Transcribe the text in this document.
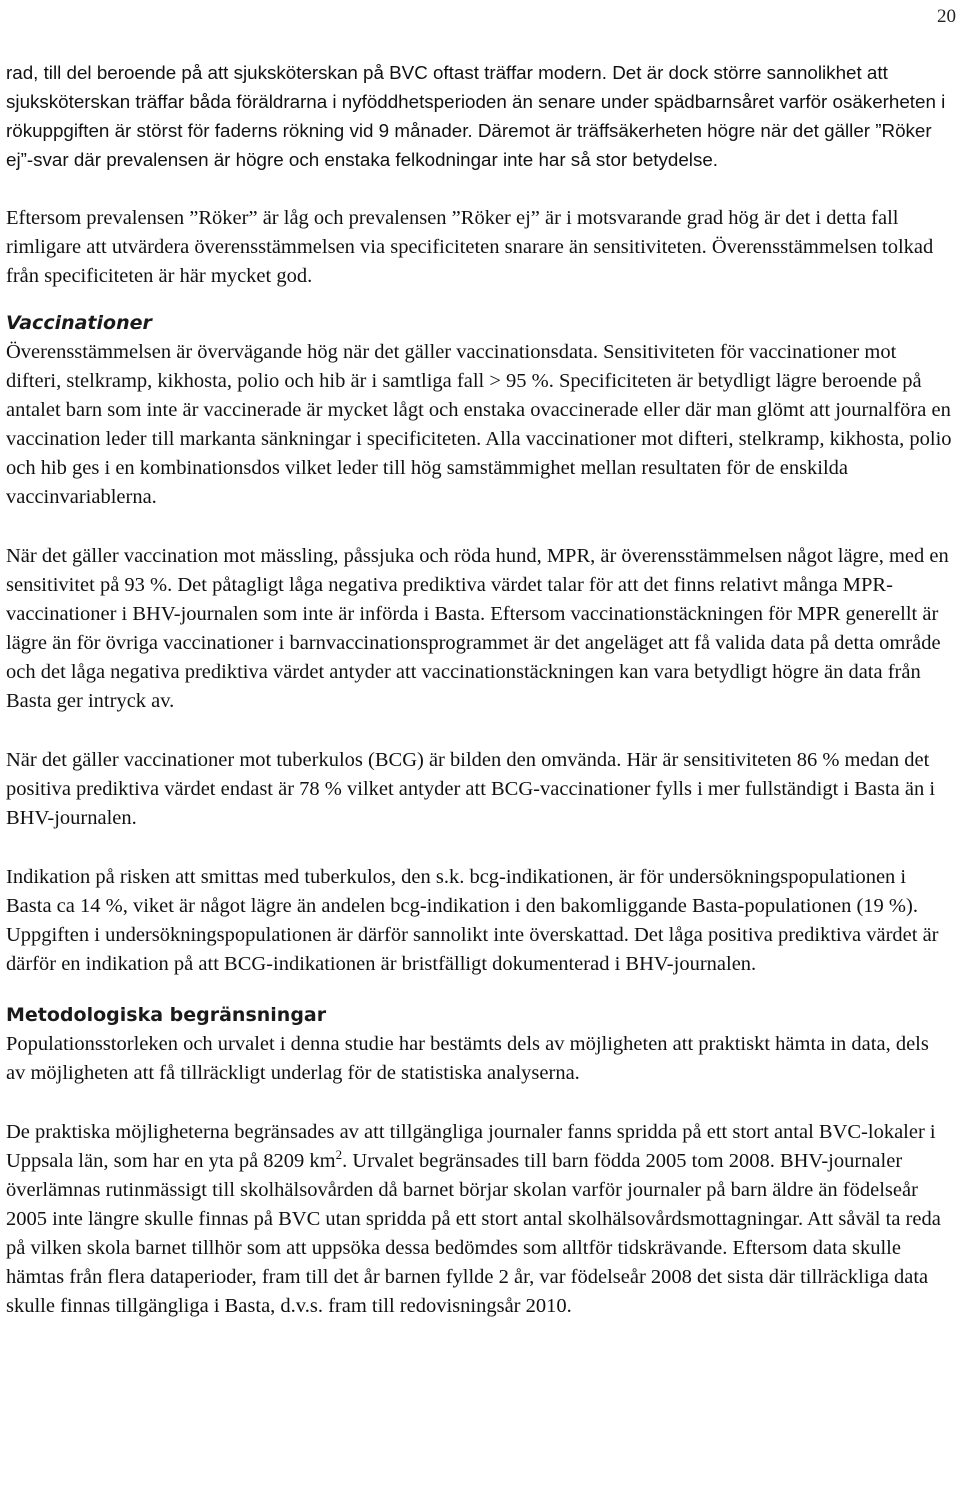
20

rad, till del beroende på att sjuksköterskan på BVC oftast träffar modern. Det är dock större sannolikhet att sjuksköterskan träffar båda föräldrarna i nyföddhetsperioden än senare under spädbarnsåret varför osäkerheten i rökuppgiften är störst för faderns rökning vid 9 månader. Däremot är träffsäkerheten högre när det gäller ”Röker ej”-svar där prevalensen är högre och enstaka felkodningar inte har så stor betydelse.

Eftersom prevalensen ”Röker” är låg och prevalensen ”Röker ej” är i motsvarande grad hög är det i detta fall rimligare att utvärdera överensstämmelsen via specificiteten snarare än sensitiviteten. Överensstämmelsen tolkad från specificiteten är här mycket god.

Vaccinationer

Överensstämmelsen är övervägande hög när det gäller vaccinationsdata. Sensitiviteten för vaccinationer mot difteri, stelkramp, kikhosta, polio och hib är i samtliga fall > 95 %. Specificiteten är betydligt lägre beroende på antalet barn som inte är vaccinerade är mycket lågt och enstaka ovaccinerade eller där man glömt att journalföra en vaccination leder till markanta sänkningar i specificiteten. Alla vaccinationer mot difteri, stelkramp, kikhosta, polio och hib ges i en kombinationsdos vilket leder till hög samstämmighet mellan resultaten för de enskilda vaccinvariablerna.

När det gäller vaccination mot mässling, påssjuka och röda hund, MPR, är överensstämmelsen något lägre, med en sensitivitet på 93 %. Det påtagligt låga negativa prediktiva värdet talar för att det finns relativt många MPR-vaccinationer i BHV-journalen som inte är införda i Basta. Eftersom vaccinationstäckningen för MPR generellt är lägre än för övriga vaccinationer i barnvaccinationsprogrammet är det angeläget att få valida data på detta område och det låga negativa prediktiva värdet antyder att vaccinationstäckningen kan vara betydligt högre än data från Basta ger intryck av.

När det gäller vaccinationer mot tuberkulos (BCG) är bilden den omvända. Här är sensitiviteten 86 % medan det positiva prediktiva värdet endast är 78 % vilket antyder att BCG-vaccinationer fylls i mer fullständigt i Basta än i BHV-journalen.

Indikation på risken att smittas med tuberkulos, den s.k. bcg-indikationen, är för undersökningspopulationen i Basta ca 14 %, viket är något lägre än andelen bcg-indikation i den bakomliggande Basta-populationen (19 %). Uppgiften i undersökningspopulationen är därför sannolikt inte överskattad. Det låga positiva prediktiva värdet är därför en indikation på att BCG-indikationen är bristfälligt dokumenterad i BHV-journalen.

Metodologiska begränsningar

Populationsstorleken och urvalet i denna studie har bestämts dels av möjligheten att praktiskt hämta in data, dels av möjligheten att få tillräckligt underlag för de statistiska analyserna.

De praktiska möjligheterna begränsades av att tillgängliga journaler fanns spridda på ett stort antal BVC-lokaler i Uppsala län, som har en yta på 8209 $km^2$. Urvalet begränsades till barn födda 2005 tom 2008. BHV-journaler överlämnas rutinmässigt till skolhälsovården då barnet börjar skolan varför journaler på barn äldre än födelseår 2005 inte längre skulle finnas på BVC utan spridda på ett stort antal skolhälsovårdsmottagningar. Att såväl ta reda på vilken skola barnet tillhör som att uppsöka dessa bedömdes som alltför tidskrävande. Eftersom data skulle hämtas från flera dataperioder, fram till det år barnen fyllde 2 år, var födelseår 2008 det sista där tillräckliga data skulle finnas tillgängliga i Basta, d.v.s. fram till redovisningsår 2010.
